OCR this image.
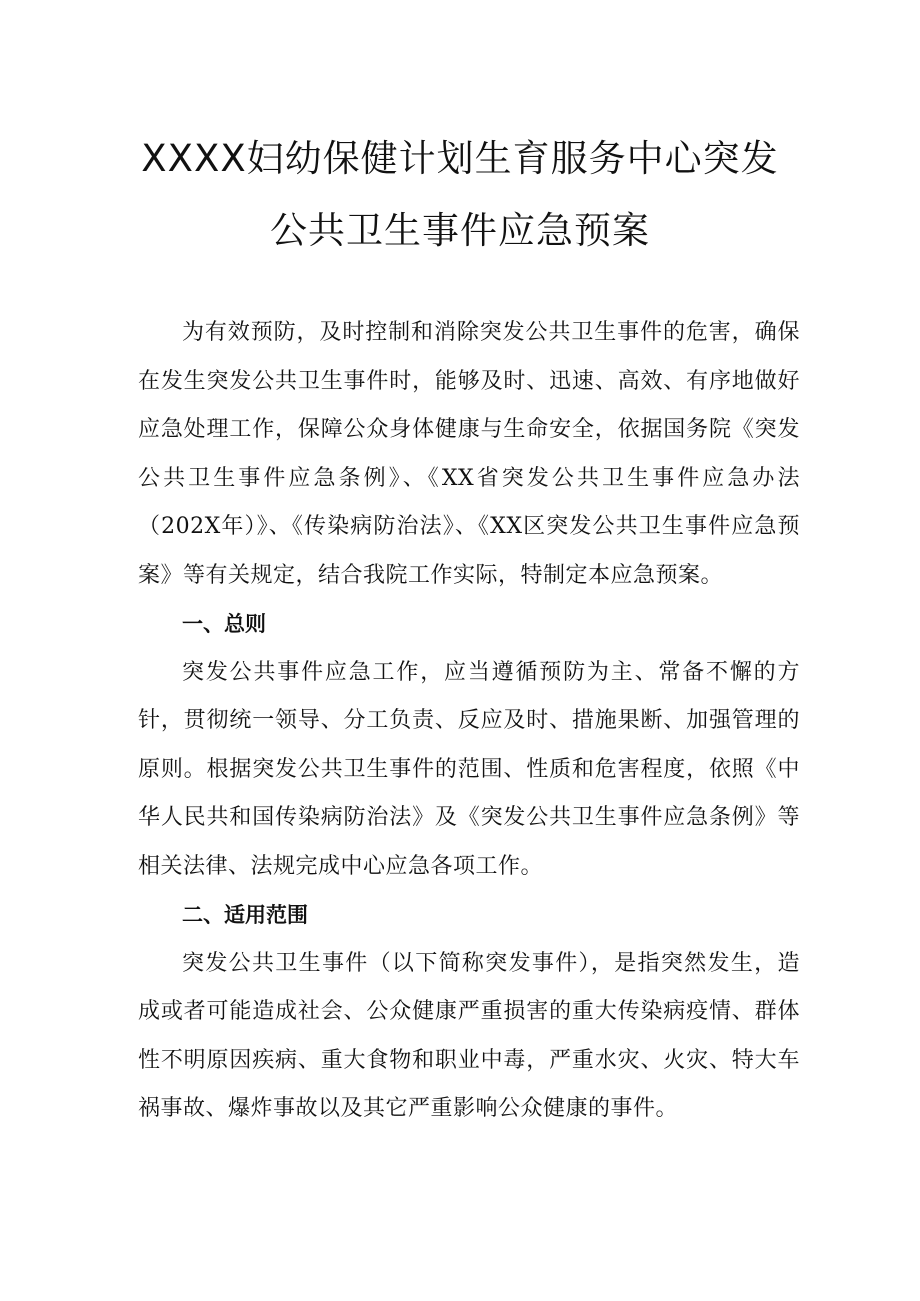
XXXX妇幼保健计划生育服务中心突发
公共卫生事件应急预案

为有效预防，及时控制和消除突发公共卫生事件的危害，确保在发生突发公共卫生事件时，能够及时、迅速、高效、有序地做好应急处理工作，保障公众身体健康与生命安全，依据国务院《突发公共卫生事件应急条例》、《XX省突发公共卫生事件应急办法（202X年）》、《传染病防治法》、《XX区突发公共卫生事件应急预案》等有关规定，结合我院工作实际，特制定本应急预案。

一、总则

突发公共事件应急工作，应当遵循预防为主、常备不懈的方针，贯彻统一领导、分工负责、反应及时、措施果断、加强管理的原则。根据突发公共卫生事件的范围、性质和危害程度，依照《中华人民共和国传染病防治法》及《突发公共卫生事件应急条例》等相关法律、法规完成中心应急各项工作。

二、适用范围

突发公共卫生事件（以下简称突发事件），是指突然发生，造成或者可能造成社会、公众健康严重损害的重大传染病疫情、群体性不明原因疾病、重大食物和职业中毒，严重水灾、火灾、特大车祸事故、爆炸事故以及其它严重影响公众健康的事件。
